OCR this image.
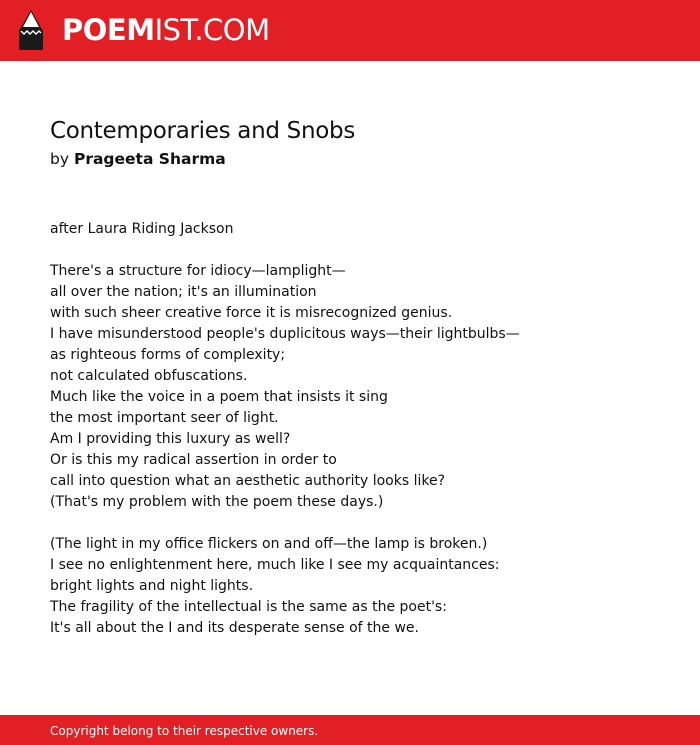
POEMIST.COM
Contemporaries and Snobs
by Prageeta Sharma
after Laura Riding Jackson
There's a structure for idiocy—lamplight—
all over the nation; it's an illumination
with such sheer creative force it is misrecognized genius.
I have misunderstood people's duplicitous ways—their lightbulbs—
as righteous forms of complexity;
not calculated obfuscations.
Much like the voice in a poem that insists it sing
the most important seer of light.
Am I providing this luxury as well?
Or is this my radical assertion in order to
call into question what an aesthetic authority looks like?
(That's my problem with the poem these days.)
(The light in my office flickers on and off—the lamp is broken.)
I see no enlightenment here, much like I see my acquaintances:
bright lights and night lights.
The fragility of the intellectual is the same as the poet's:
It's all about the I and its desperate sense of the we.
Copyright belong to their respective owners.
